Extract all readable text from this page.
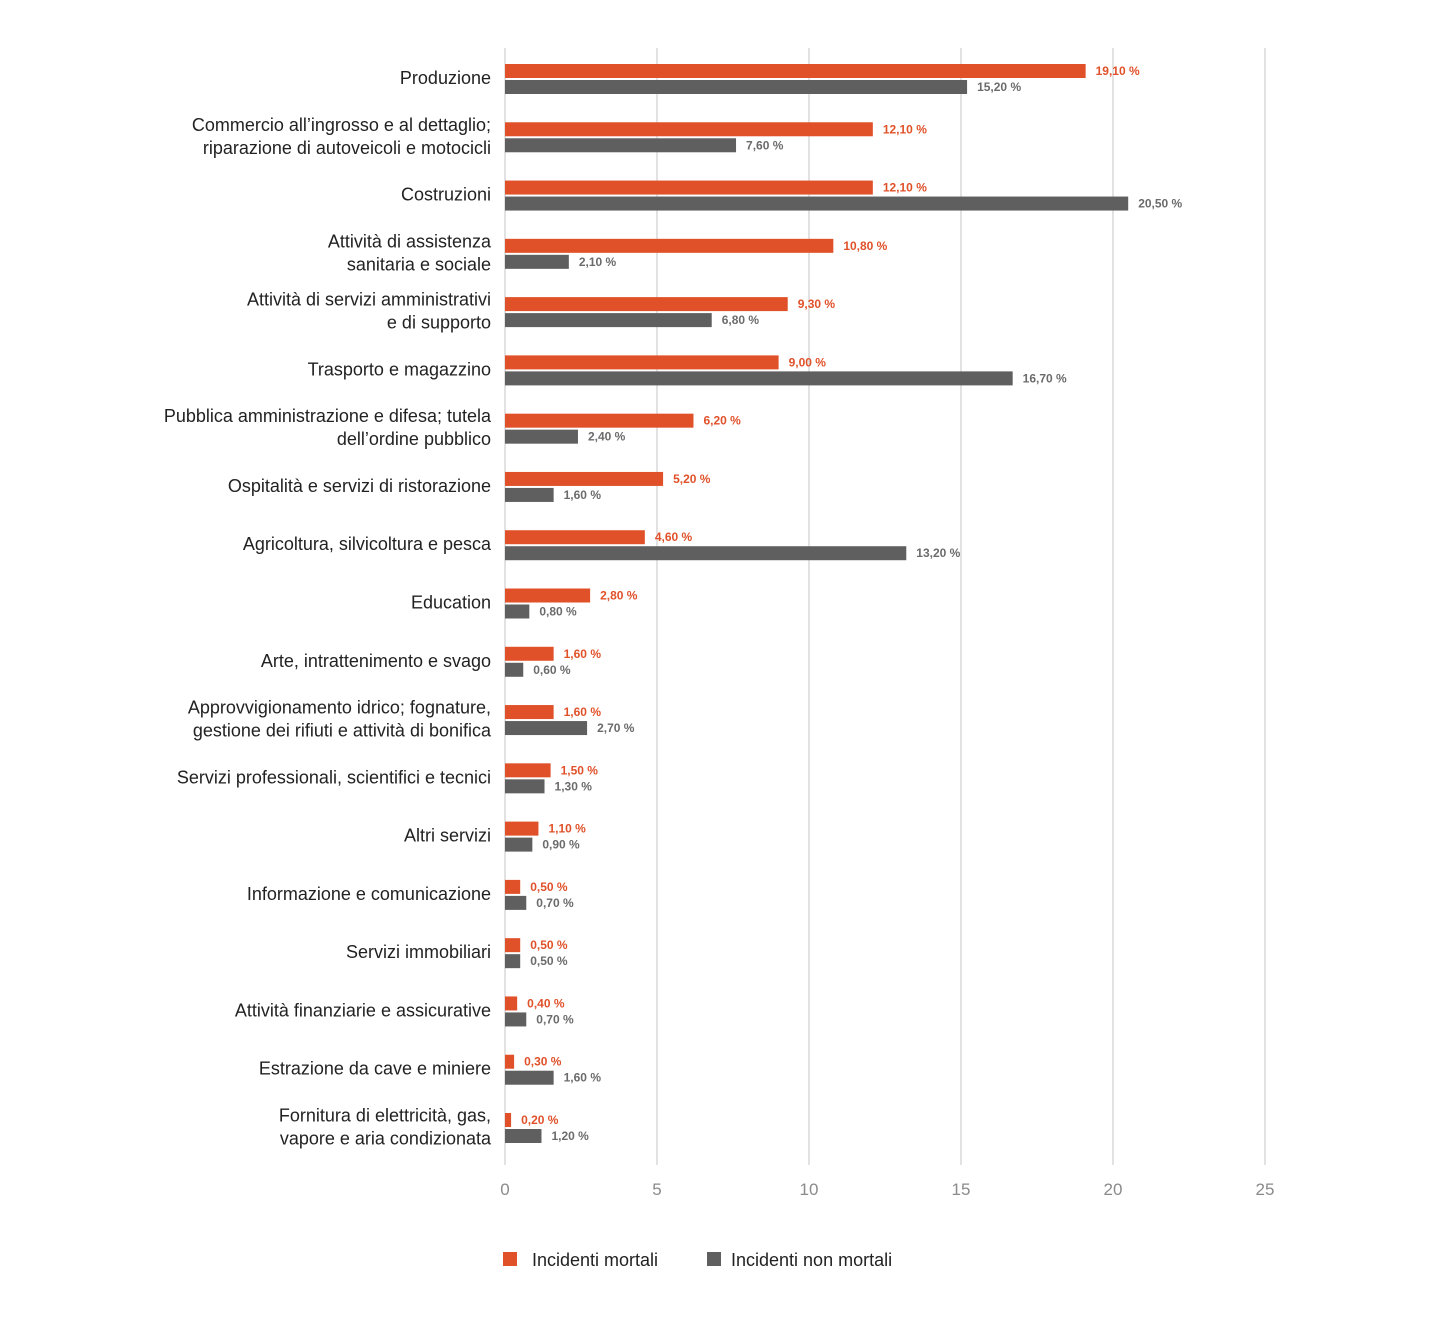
19,10 %
15,20 %
12,10 %
7,60 %
12,10 %
20,50 %
10,80 %
2,10 %
9,30 %
6,80 %
9,00 %
16,70 %
6,20 %
2,40 %
5,20 %
1,60 %
4,60 %
13,20 %
2,80 %
0,80 %
1,60 %
0,60 %
1,60 %
2,70 %
1,50 %
1,30 %
1,10 %
0,90 %
0,50 %
0,70 %
0,50 %
0,50 %
0,40 %
0,70 %
0,30 %
1,60 %
0,20 %
1,20 %
Produzione
Commercio all’ingrosso e al dettaglio;
riparazione di autoveicoli e motocicli
Costruzioni
Attività di assistenza
sanitaria e sociale
Attività di servizi amministrativi
e di supporto
Trasporto e magazzino
Pubblica amministrazione e difesa; tutela
dell’ordine pubblico
Ospitalità e servizi di ristorazione
Agricoltura, silvicoltura e pesca
Education
Arte, intrattenimento e svago
Approvvigionamento idrico; fognature,
gestione dei rifiuti e attività di bonifica
Servizi professionali, scientifici e tecnici
Altri servizi
Informazione e comunicazione
Servizi immobiliari
Attività finanziarie e assicurative
Estrazione da cave e miniere
Fornitura di elettricità, gas,
vapore e aria condizionata
0	5	10	15	20	25
Incidenti mortali	Incidenti non mortali
